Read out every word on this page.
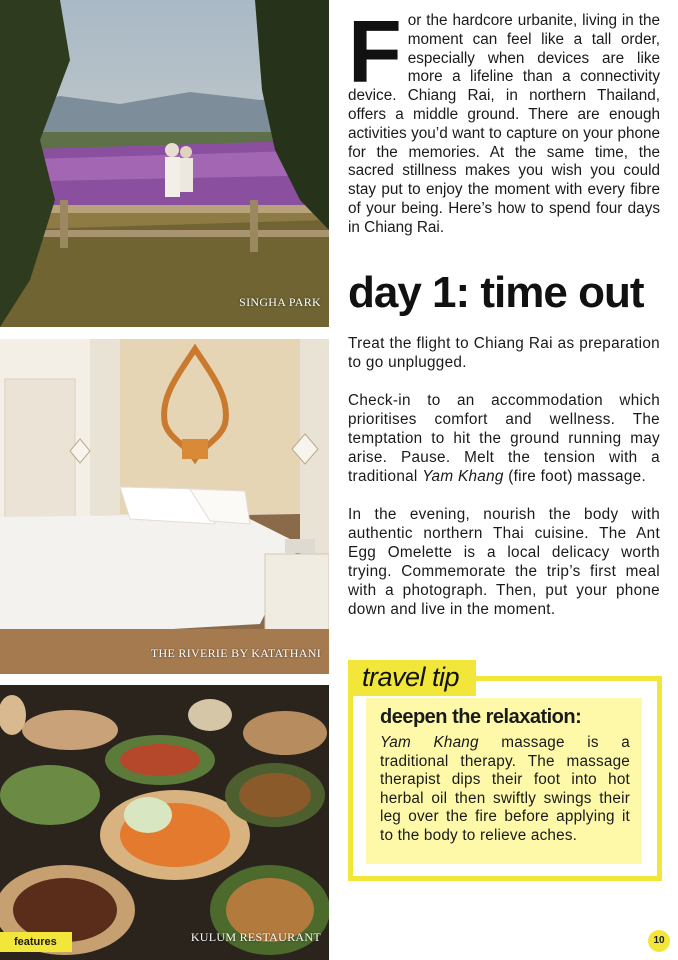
SINGHA PARK
THE RIVERIE BY KATATHANI
KULUM RESTAURANT
For the hardcore urbanite, living in the moment can feel like a tall order, especially when devices are like more a lifeline than a connectivity device. Chiang Rai, in northern Thailand, offers a middle ground. There are enough activities you’d want to capture on your phone for the memories. At the same time, the sacred stillness makes you wish you could stay put to enjoy the moment with every fibre of your being. Here’s how to spend four days in Chiang Rai.
day 1: time out

Treat the flight to Chiang Rai as preparation to go unplugged.

Check-in to an accommodation which prioritises comfort and wellness. The temptation to hit the ground running may arise. Pause. Melt the tension with a traditional Yam Khang (fire foot) massage.

In the evening, nourish the body with authentic northern Thai cuisine. The Ant Egg Omelette is a local delicacy worth trying. Commemorate the trip’s first meal with a photograph. Then, put your phone down and live in the moment.

travel tip
deepen the relaxation:
Yam Khang massage is a traditional therapy. The massage therapist dips their foot into hot herbal oil then swiftly swings their leg over the fire before applying it to the body to relieve aches.
features	10
